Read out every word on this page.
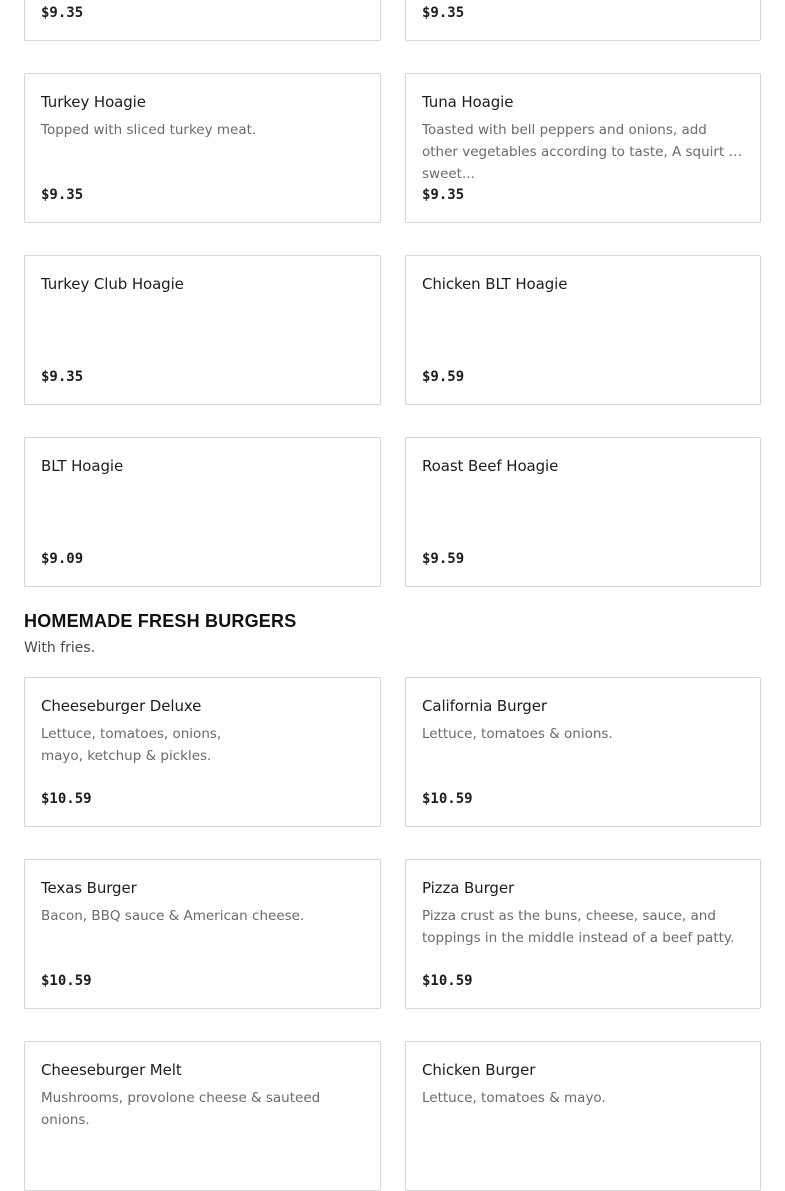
$9.35	$9.35
Turkey Hoagie
Topped with sliced turkey meat.
$9.35
Tuna Hoagie
Toasted with bell peppers and onions, add other vegetables according to taste, A squirt of sweet...
$9.35
Turkey Club Hoagie
$9.35
Chicken BLT Hoagie
$9.59
BLT Hoagie
$9.09
Roast Beef Hoagie
$9.59
HOMEMADE FRESH BURGERS
With fries.
Cheeseburger Deluxe
Lettuce, tomatoes, onions,
mayo, ketchup & pickles.
$10.59
California Burger
Lettuce, tomatoes & onions.
$10.59
Texas Burger
Bacon, BBQ sauce & American cheese.
$10.59
Pizza Burger
Pizza crust as the buns, cheese, sauce, and toppings in the middle instead of a beef patty.
$10.59
Cheeseburger Melt
Mushrooms, provolone cheese & sauteed onions.
Chicken Burger
Lettuce, tomatoes & mayo.
